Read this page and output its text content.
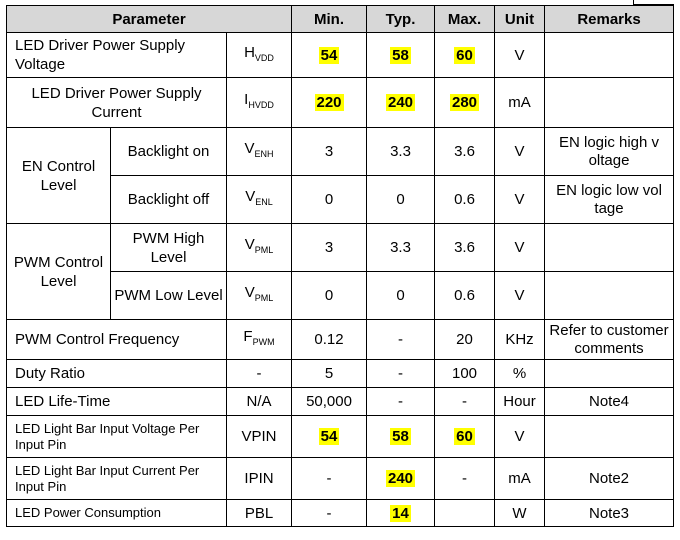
Parameter			Min.	Typ.	Max.	Unit	Remarks
LED Driver Power Supply Voltage		$H_{VDD}$	54	58	60	V	
LED Driver Power Supply Current		$I_{HVDD}$	220	240	280	mA	
EN Control Level	Backlight on	$V_{ENH}$	3	3.3	3.6	V	EN logic high v oltage
	Backlight off	$V_{ENL}$	0	0	0.6	V	EN logic low vol tage
PWM Control Level	PWM High Level	$V_{PML}$	3	3.3	3.6	V	
	PWM Low Level	$V_{PML}$	0	0	0.6	V	
PWM Control Frequency		$F_{PWM}$	0.12	-	20	KHz	Refer to customer comments
Duty Ratio		-	5	-	100	%	
LED Life-Time		N/A	50,000	-	-	Hour	Note4
LED Light Bar Input Voltage Per Input Pin		VPIN	54	58	60	V	
LED Light Bar Input Current Per Input Pin		IPIN	-	240	-	mA	Note2
LED Power Consumption		PBL	-	14		W	Note3
